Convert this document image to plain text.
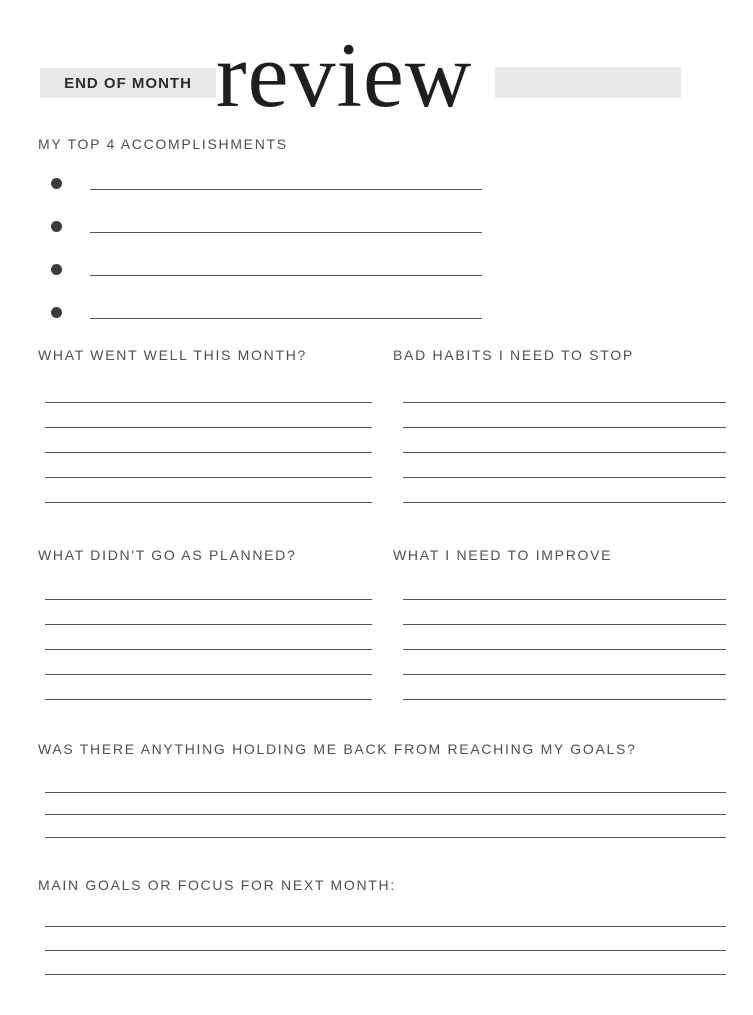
END OF MONTH review
MY TOP 4 ACCOMPLISHMENTS
WHAT WENT WELL THIS MONTH?	BAD HABITS I NEED TO STOP
WHAT DIDN'T GO AS PLANNED?	WHAT I NEED TO IMPROVE
WAS THERE ANYTHING HOLDING ME BACK FROM REACHING MY GOALS?
MAIN GOALS OR FOCUS FOR NEXT MONTH:
